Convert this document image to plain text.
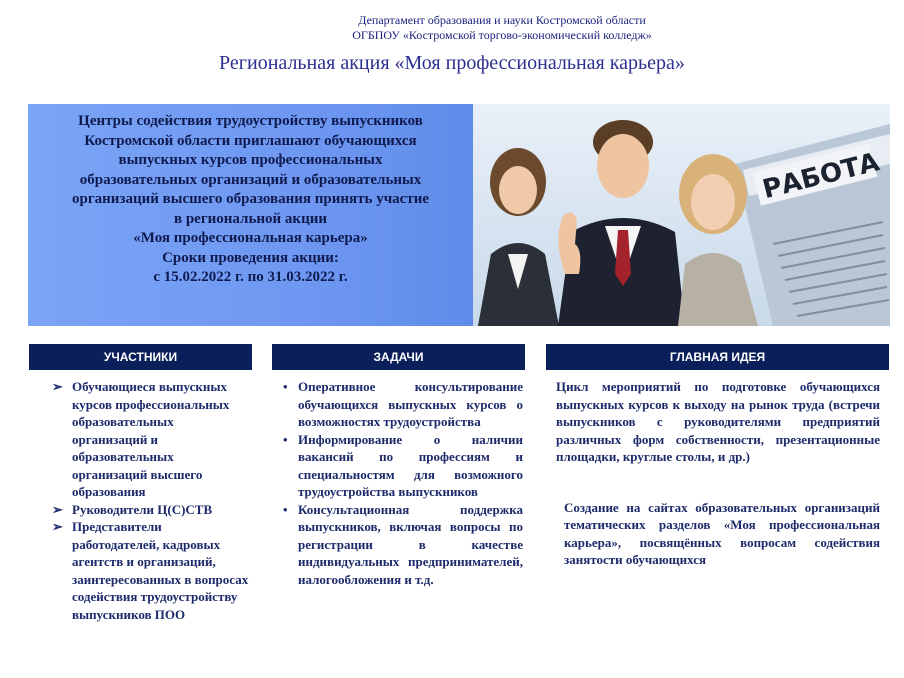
Департамент образования и науки Костромской области
ОГБПОУ «Костромской торгово-экономический колледж»
Региональная акция «Моя профессиональная карьера»
Центры содействия трудоустройству выпускников
Костромской области приглашают обучающихся
выпускных курсов профессиональных
образовательных организаций и образовательных
организаций высшего образования принять участие
в региональной акции
«Моя профессиональная карьера»
Сроки проведения акции:
с 15.02.2022 г. по 31.03.2022 г.
РАБОТА
УЧАСТНИКИ	ЗАДАЧИ	ГЛАВНАЯ ИДЕЯ
➢ Обучающиеся выпускных курсов профессиональных образовательных организаций и образовательных организаций высшего образования
➢ Руководители Ц(С)СТВ
➢ Представители работодателей, кадровых агентств и организаций, заинтересованных в вопросах содействия трудоустройству выпускников ПОО
• Оперативное консультирование обучающихся выпускных курсов о возможностях трудоустройства
• Информирование о наличии вакансий по профессиям и специальностям для возможного трудоустройства выпускников
• Консультационная поддержка выпускников, включая вопросы по регистрации в качестве индивидуальных предпринимателей, налогообложения и т.д.
Цикл мероприятий по подготовке обучающихся выпускных курсов к выходу на рынок труда (встречи выпускников с руководителями предприятий различных форм собственности, презентационные площадки, круглые столы, и др.)
Создание на сайтах образовательных организаций тематических разделов «Моя профессиональная карьера», посвящённых вопросам содействия занятости обучающихся
